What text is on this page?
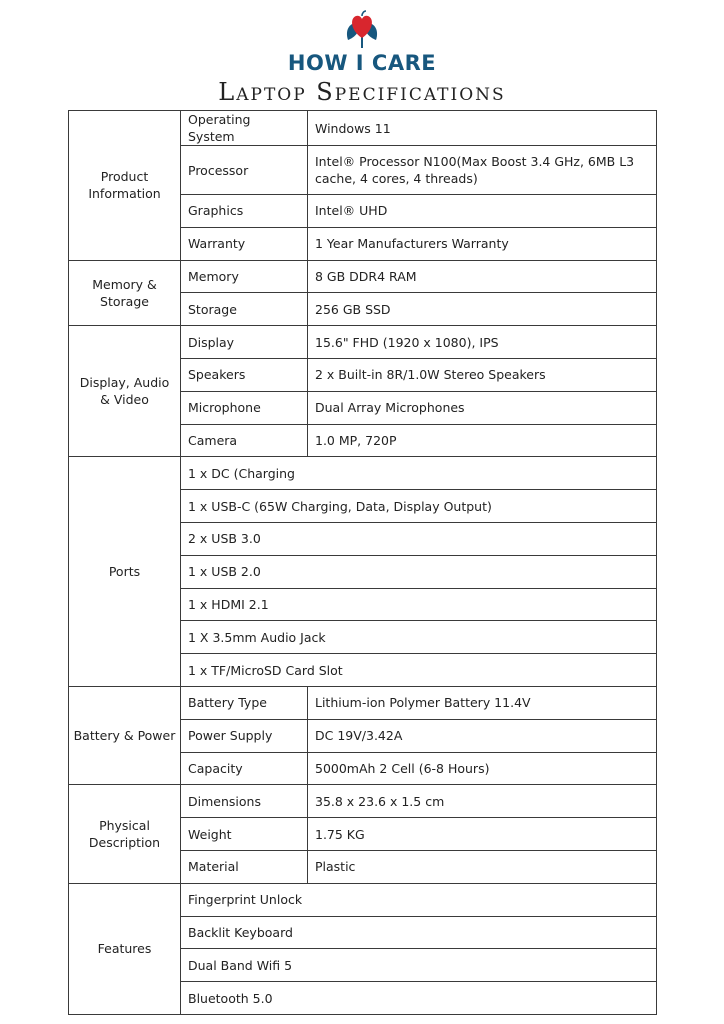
HOW I CARE
Laptop Specifications
Product Information	Operating System	Windows 11
	Processor	Intel® Processor N100(Max Boost 3.4 GHz, 6MB L3 cache, 4 cores, 4 threads)
	Graphics	Intel® UHD
	Warranty	1 Year Manufacturers Warranty
Memory & Storage	Memory	8 GB DDR4 RAM
	Storage	256 GB SSD
Display, Audio & Video	Display	15.6" FHD (1920 x 1080), IPS
	Speakers	2 x Built-in 8R/1.0W Stereo Speakers
	Microphone	Dual Array Microphones
	Camera	1.0 MP, 720P
Ports	1 x DC (Charging	
	1 x USB-C (65W Charging, Data, Display Output)	
	2 x USB 3.0	
	1 x USB 2.0	
	1 x HDMI 2.1	
	1 X 3.5mm Audio Jack	
	1 x TF/MicroSD Card Slot	
Battery & Power	Battery Type	Lithium-ion Polymer Battery 11.4V
	Power Supply	DC 19V/3.42A
	Capacity	5000mAh 2 Cell (6-8 Hours)
Physical Description	Dimensions	35.8 x 23.6 x 1.5 cm
	Weight	1.75 KG
	Material	Plastic
Features	Fingerprint Unlock	
	Backlit Keyboard	
	Dual Band Wifi 5	
	Bluetooth 5.0	
